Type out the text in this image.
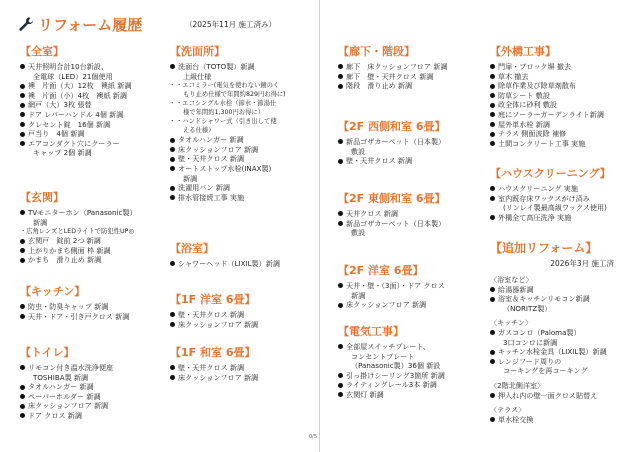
リフォーム履歴	（2025年11月 施工済み）
【全室】
天井照明合計10台新設、
全電球（LED）21個使用
襖　片面（大）12枚　襖紙 新調
襖　片面（小）4枚　襖紙 新調
網戸（大）3枚 張替
ドア レバーハンドル 4個 新調
クレセント錠　16個 新調
戸当り　4個 新調
エアコンダクト穴にクーラー
キャップ 2個 新調
【玄関】
TVモニターホン（Panasonic製）
新調
・広角レンズとLEDライトで防犯性UP◎
玄関戸　錠前 2つ 新調
上がりかまち側面 枠 新調
かまち　滑り止め 新調
【キッチン】
防虫・防臭キャップ 新調
天井・ドア・引き戸クロス 新調
【トイレ】
リモコン付き温水洗浄便座
TOSHIBA製 新調
タオルハンガー 新調
ペーパーホルダー 新調
床クッションフロア 新調
ドア クロス 新調
【洗面所】
洗面台（TOTO製）新調
上級仕様
・ ・エコミラー(電気を使わない鏡のく
もり止め仕様で年間約829円お得に)
・ ・エコシングル水栓（節水・節湯仕
様で年間約1,300円お得に）
・ ・ハンドシャワー式（引き出して使
える仕様）
タオルハンガー 新調
床クッションフロア 新調
壁・天井クロス 新調
オートストップ水栓(INAX製)
新調
洗濯用パン 新調
排水管接続工事 実施
【浴室】
シャワーヘッド（LIXIL製）新調
【1F 洋室 6畳】
壁・天井クロス 新調
床クッションフロア 新調
【1F 和室 6畳】
壁・天井クロス 新調
床クッションフロア 新調
【廊下・階段】
廊下　床クッションフロア 新調
廊下　壁・天井クロス 新調
階段　滑り止め 新調
【2F 西側和室 6畳】
新品ゴザカーペット（日本製）
敷設
壁・天井クロス 新調
【2F 東側和室 6畳】
天井クロス 新調
新品ゴザカーペット（日本製）
敷設
【2F 洋室 6畳】
天井・壁・（3面）・ドア クロス
新調
床クッションフロア 新調
【電気工事】
全部屋スイッチプレート、
コンセントプレート
（Panasonic製）36個 新設
引っ掛けシーリング3箇所 新調
ライティングレール3本 新調
玄関灯 新調
【外構工事】
門扉・ブロック塀 撤去
草木 撤去
除草作業及び除草剤散布
防草シート 敷設
政全体に砂利 敷設
庭にソーラーガーデンライト新調
屋外単水栓 新調
テラス 側面波除 補修
土間コンクリート工事 実施
【ハウスクリーニング】
ハウスクリーニング 実施
室内既存床ワックスがけ済み
(リンレイ製最高級ワックス使用)
外構全て高圧洗浄 実施
【追加リフォーム】
2026年3月 施工済
〈浴室など〉
給湯器新調
浴室＆キッチンリモコン新調
（NORITZ製）
〈キッチン〉
ガスコンロ（Paloma製）
3口コンロに新調
キッチン水栓金具（LIXIL製）新調
レンジフード周りの
コーキングを再コーキング
〈2階北側洋室〉
押入れ内の壁一面クロス貼替え
〈テラス〉
単水栓交換
0/5
